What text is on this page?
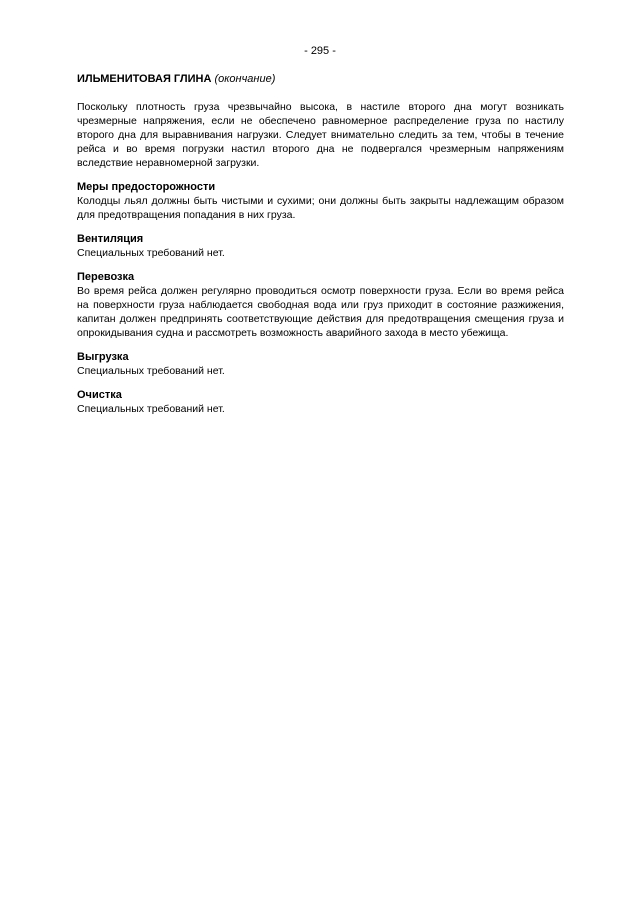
- 295 -
ИЛЬМЕНИТОВАЯ ГЛИНА (окончание)

Поскольку плотность груза чрезвычайно высока, в настиле второго дна могут возникать чрезмерные напряжения, если не обеспечено равномерное распределение груза по настилу второго дна для выравнивания нагрузки. Следует внимательно следить за тем, чтобы в течение рейса и во время погрузки настил второго дна не подвергался чрезмерным напряжениям вследствие неравномерной загрузки.

Меры предосторожности

Колодцы льял должны быть чистыми и сухими; они должны быть закрыты надлежащим образом для предотвращения попадания в них груза.

Вентиляция

Специальных требований нет.

Перевозка

Во время рейса должен регулярно проводиться осмотр поверхности груза. Если во время рейса на поверхности груза наблюдается свободная вода или груз приходит в состояние разжижения, капитан должен предпринять соответствующие действия для предотвращения смещения груза и опрокидывания судна и рассмотреть возможность аварийного захода в место убежища.

Выгрузка

Специальных требований нет.

Очистка

Специальных требований нет.
